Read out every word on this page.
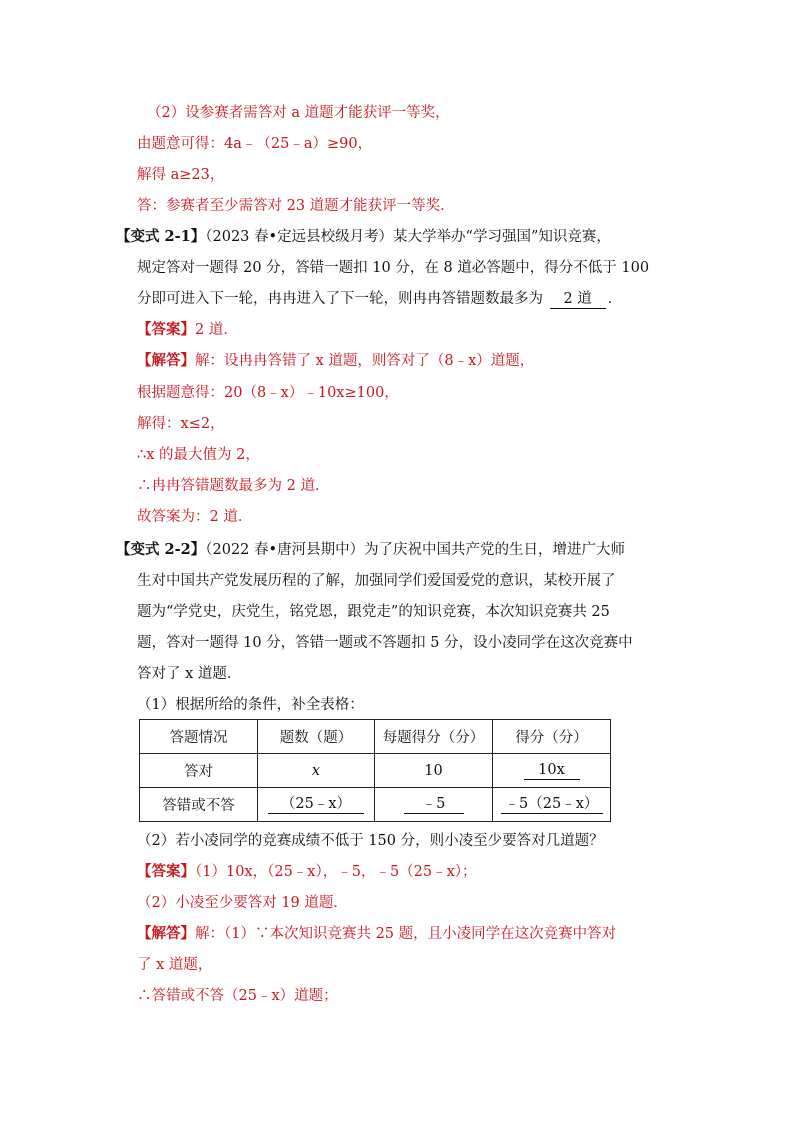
（2）设参赛者需答对 a 道题才能获评一等奖，
由题意可得：4a﹣（25﹣a）≥90，
解得 a≥23，
答：参赛者至少需答对 23 道题才能获评一等奖．
【变式 2-1】（2023 春•定远县校级月考）某大学举办“学习强国”知识竞赛，
规定答对一题得 20 分，答错一题扣 10 分，在 8 道必答题中，得分不低于 100
分即可进入下一轮，冉冉进入了下一轮，则冉冉答错题数最多为 2 道 ．
【答案】2 道．
【解答】解：设冉冉答错了 x 道题，则答对了（8﹣x）道题，
根据题意得：20（8﹣x）﹣10x≥100，
解得：x≤2，
∴x 的最大值为 2，
∴冉冉答错题数最多为 2 道．
故答案为：2 道．
【变式 2-2】（2022 春•唐河县期中）为了庆祝中国共产党的生日，增进广大师
生对中国共产党发展历程的了解，加强同学们爱国爱党的意识，某校开展了
题为“学党史，庆党生，铭党恩，跟党走”的知识竞赛，本次知识竞赛共 25
题，答对一题得 10 分，答错一题或不答题扣 5 分，设小凌同学在这次竞赛中
答对了 x 道题．
（1）根据所给的条件，补全表格：
答题情况	题数（题）	每题得分（分）	得分（分）
答对	x	10	10x
答错或不答	（25﹣x）	﹣5	﹣5（25﹣x）
（2）若小凌同学的竞赛成绩不低于 150 分，则小凌至少要答对几道题？
【答案】（1）10x，（25﹣x），﹣5，﹣5（25﹣x）；
（2）小凌至少要答对 19 道题．
【解答】解：（1）∵本次知识竞赛共 25 题，且小凌同学在这次竞赛中答对
了 x 道题，
∴答错或不答（25﹣x）道题；
